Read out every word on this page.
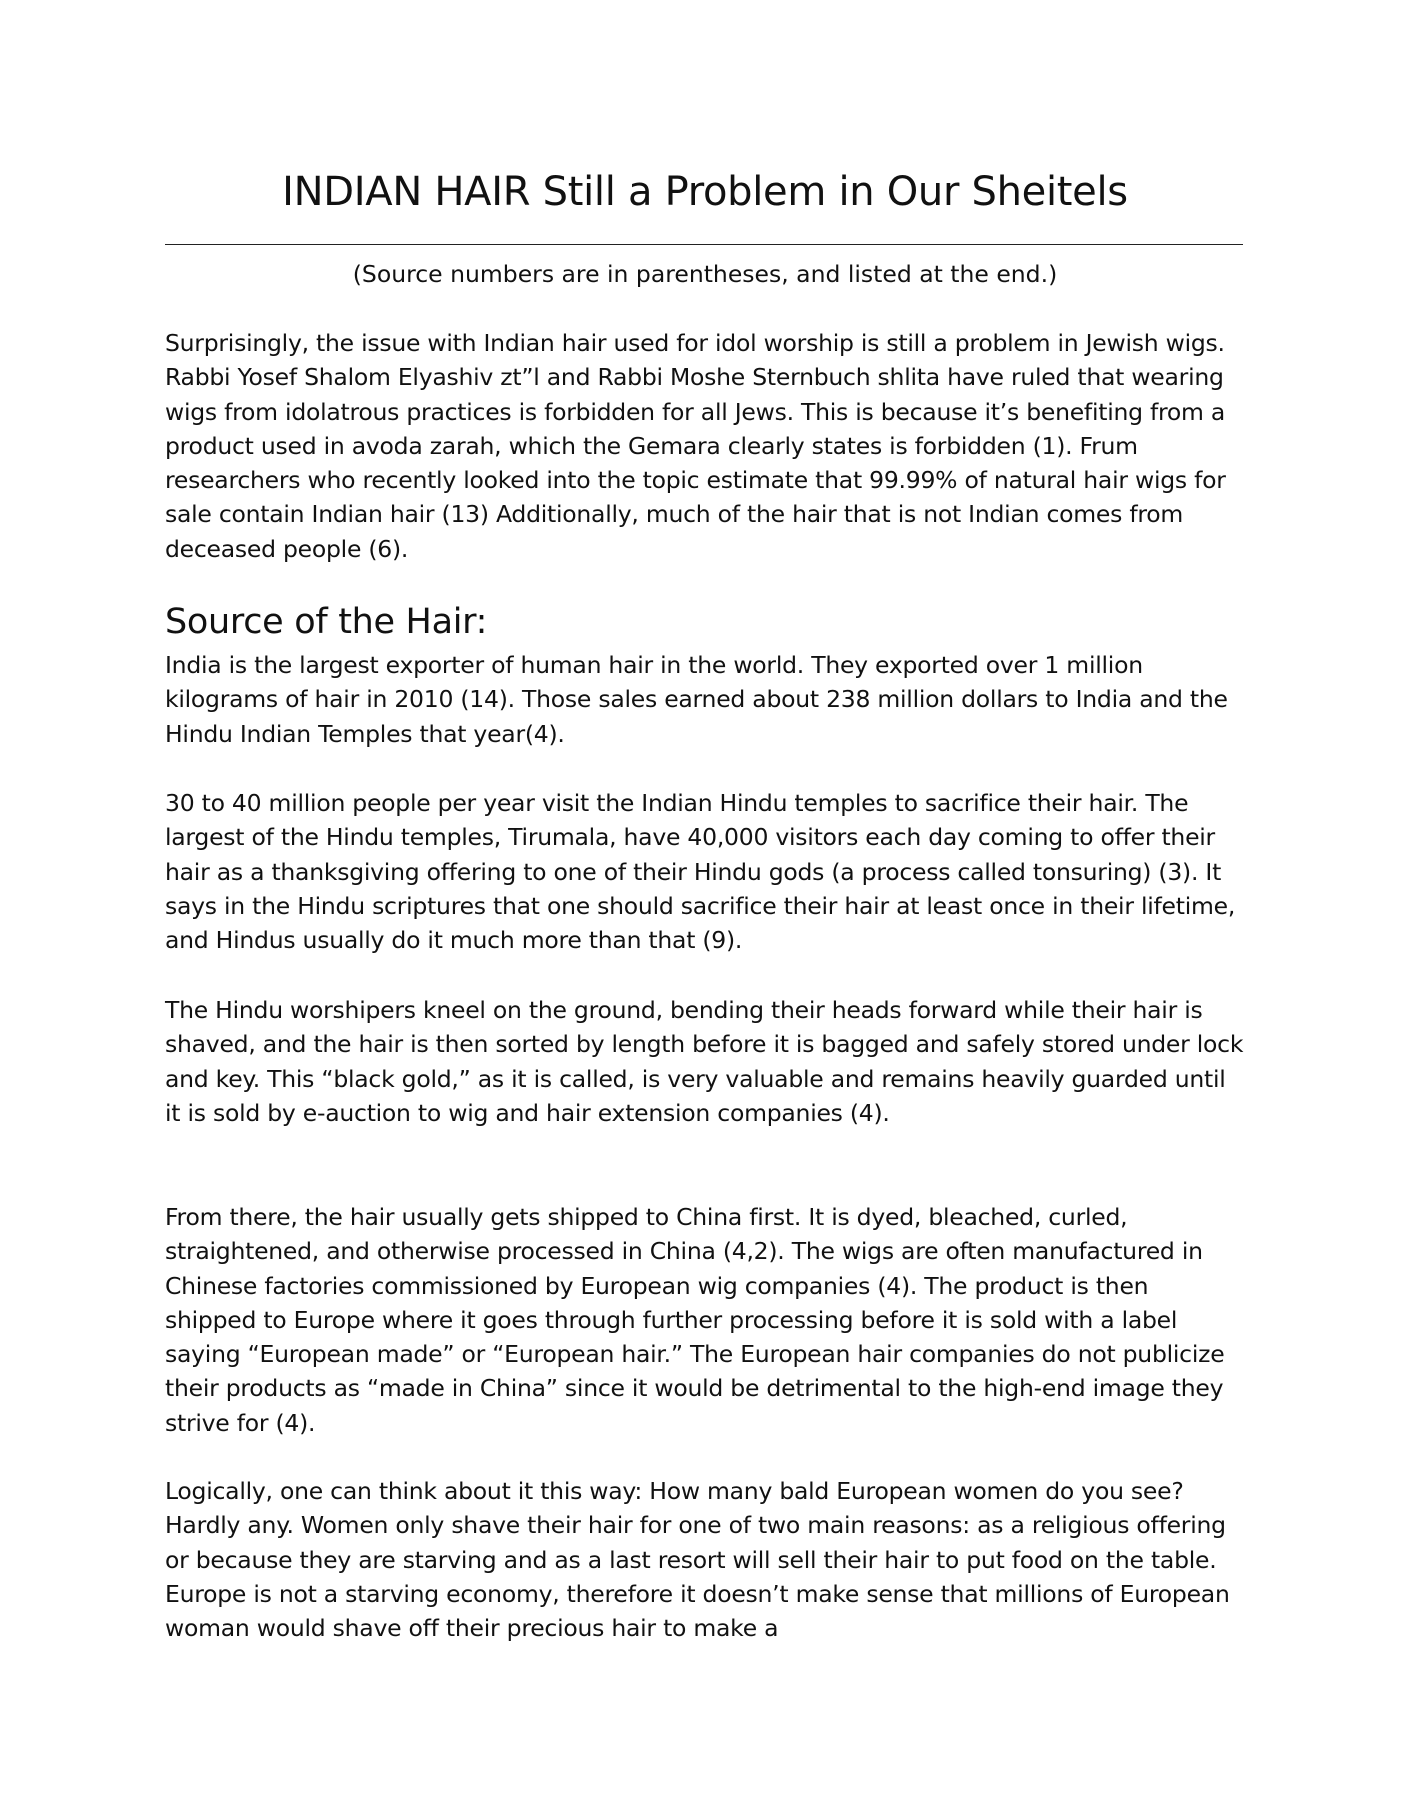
INDIAN HAIR Still a Problem in Our Sheitels

(Source numbers are in parentheses, and listed at the end.)

Surprisingly, the issue with Indian hair used for idol worship is still a problem in Jewish wigs. Rabbi Yosef Shalom Elyashiv zt”l and Rabbi Moshe Sternbuch shlita have ruled that wearing wigs from idolatrous practices is forbidden for all Jews. This is because it’s benefiting from a product used in avoda zarah, which the Gemara clearly states is forbidden (1). Frum researchers who recently looked into the topic estimate that 99.99% of natural hair wigs for sale contain Indian hair (13) Additionally, much of the hair that is not Indian comes from deceased people (6).

Source of the Hair:

India is the largest exporter of human hair in the world. They exported over 1 million kilograms of hair in 2010 (14). Those sales earned about 238 million dollars to India and the Hindu Indian Temples that year(4).

30 to 40 million people per year visit the Indian Hindu temples to sacrifice their hair. The largest of the Hindu temples, Tirumala, have 40,000 visitors each day coming to offer their hair as a thanksgiving offering to one of their Hindu gods (a process called tonsuring) (3). It says in the Hindu scriptures that one should sacrifice their hair at least once in their lifetime, and Hindus usually do it much more than that (9).

The Hindu worshipers kneel on the ground, bending their heads forward while their hair is shaved, and the hair is then sorted by length before it is bagged and safely stored under lock and key. This “black gold,” as it is called, is very valuable and remains heavily guarded until it is sold by e-auction to wig and hair extension companies (4).

From there, the hair usually gets shipped to China first. It is dyed, bleached, curled, straightened, and otherwise processed in China (4,2). The wigs are often manufactured in Chinese factories commissioned by European wig companies (4). The product is then shipped to Europe where it goes through further processing before it is sold with a label saying “European made” or “European hair.” The European hair companies do not publicize their products as “made in China” since it would be detrimental to the high-end image they strive for (4).

Logically, one can think about it this way: How many bald European women do you see? Hardly any. Women only shave their hair for one of two main reasons: as a religious offering or because they are starving and as a last resort will sell their hair to put food on the table. Europe is not a starving economy, therefore it doesn’t make sense that millions of European woman would shave off their precious hair to make a
